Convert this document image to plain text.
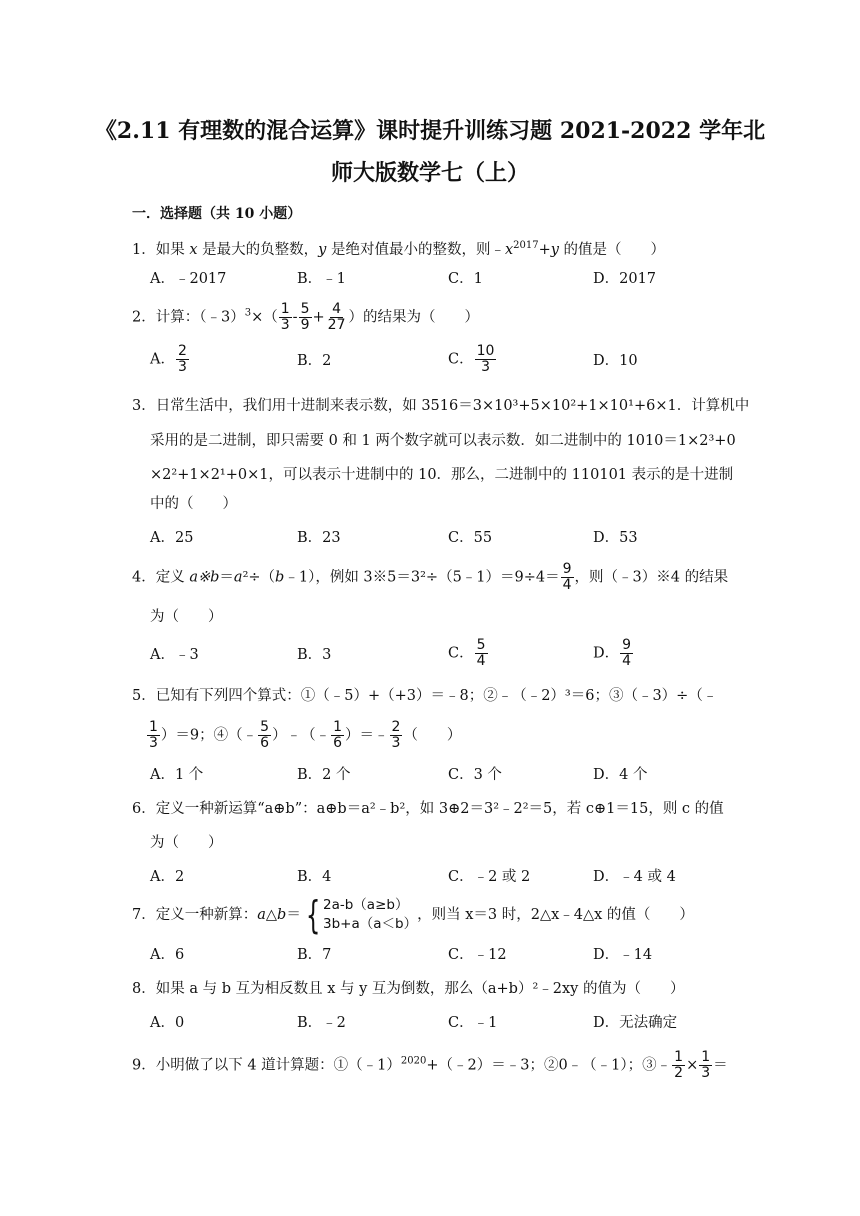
《2.11 有理数的混合运算》课时提升训练习题 2021-2022 学年北
师大版数学七（上）
一．选择题（共 10 小题）
1．如果 x 是最大的负整数，y 是绝对值最小的整数，则$﹣x^{2017}+y$ 的值是（　　）
A．﹣2017	B．﹣1	C．1	D．2017
2．计算：（﹣3）$^3$×（ $\frac{1}{3} - \frac{5}{9} + \frac{4}{27}$ ）的结果为（　　）
A． $\frac{2}{3}$	B．2	C． $\frac{10}{3}$	D．10
3．日常生活中，我们用十进制来表示数，如 3516＝3×10³+5×10²+1×10¹+6×1．计算机中
采用的是二进制，即只需要 0 和 1 两个数字就可以表示数．如二进制中的 1010＝1×2³+0
×2²+1×2¹+0×1，可以表示十进制中的 10．那么，二进制中的 110101 表示的是十进制
中的（　　）
A．25	B．23	C．55	D．53
4．定义 a※b＝a²÷（b﹣1），例如 3※5＝3²÷（5﹣1）＝9÷4＝ $\frac{9}{4}$ ，则（﹣3）※4 的结果
为（　　）
A．﹣3	B．3	C． $\frac{5}{4}$	D． $\frac{9}{4}$
5．已知有下列四个算式：①（﹣5）+（+3）＝﹣8；②﹣（﹣2）³＝6；③（﹣3）÷（﹣
$\frac{1}{3} )=9$；④（﹣ $\frac{5}{6}$ ）﹣（﹣ $\frac{1}{6}$ ）＝﹣ $\frac{2}{3}$ （　　）
A．1 个	B．2 个	C．3 个	D．4 个
6．定义一种新运算“a⊕b”：a⊕b＝a²﹣b²，如 3⊕2＝3²﹣2²＝5，若 c⊕1＝15，则 c 的值
为（　　）
A．2	B．4	C．﹣2 或 2	D．﹣4 或 4
7．定义一种新算：a△b＝ { 2a-b（a≥b）
3b+a（a＜b）
，则当 x＝3 时，2△x﹣4△x 的值（　　）
A．6	B．7	C．﹣12	D．﹣14
8．如果 a 与 b 互为相反数且 x 与 y 互为倒数，那么（a+b）²﹣2xy 的值为（　　）
A．0	B．﹣2	C．﹣1	D．无法确定
9．小明做了以下 4 道计算题：①（﹣1）$^{2020}$+（﹣2）＝﹣3；②0﹣（﹣1）；③﹣ $\frac{1}{2} \times \frac{1}{3}$ ＝
